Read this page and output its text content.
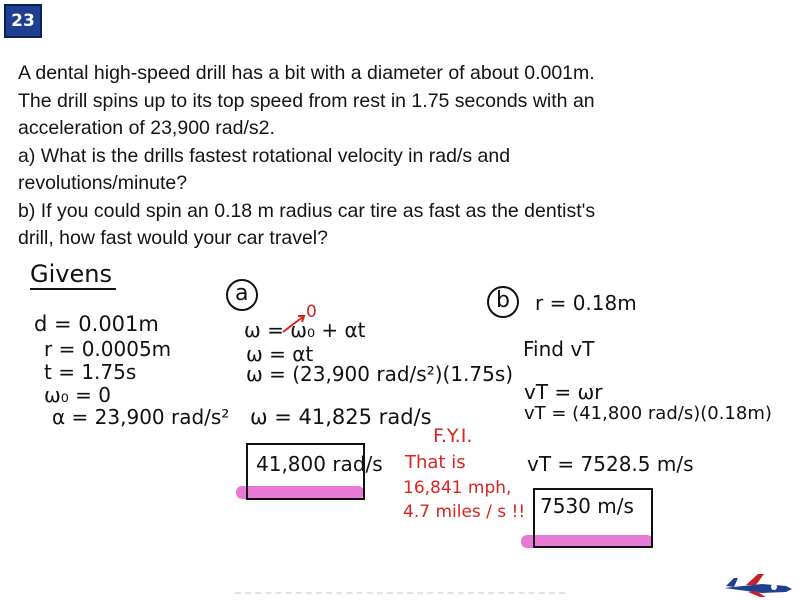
23
A dental high-speed drill has a bit with a diameter of about 0.001m.
The drill spins up to its top speed from rest in 1.75 seconds with an
acceleration of 23,900 rad/s2.
a) What is the drills fastest rotational velocity in rad/s and
revolutions/minute?
b) If you could spin an 0.18 m radius car tire as fast as the dentist's
drill, how fast would your car travel?
Givens
d = 0.001m
r = 0.0005m
t = 1.75s
ω₀ = 0
α = 23,900 rad/s²
a
ω = ω₀ + αt
0
ω = αt
ω = (23,900 rad/s²)(1.75s)
ω = 41,825 rad/s
41,800 rad/s
F.Y.I.
That is
16,841 mph,
4.7 miles / s !!
b r = 0.18m
Find vT
vT = ωr
vT = (41,800 rad/s)(0.18m)
vT = 7528.5 m/s
7530 m/s
